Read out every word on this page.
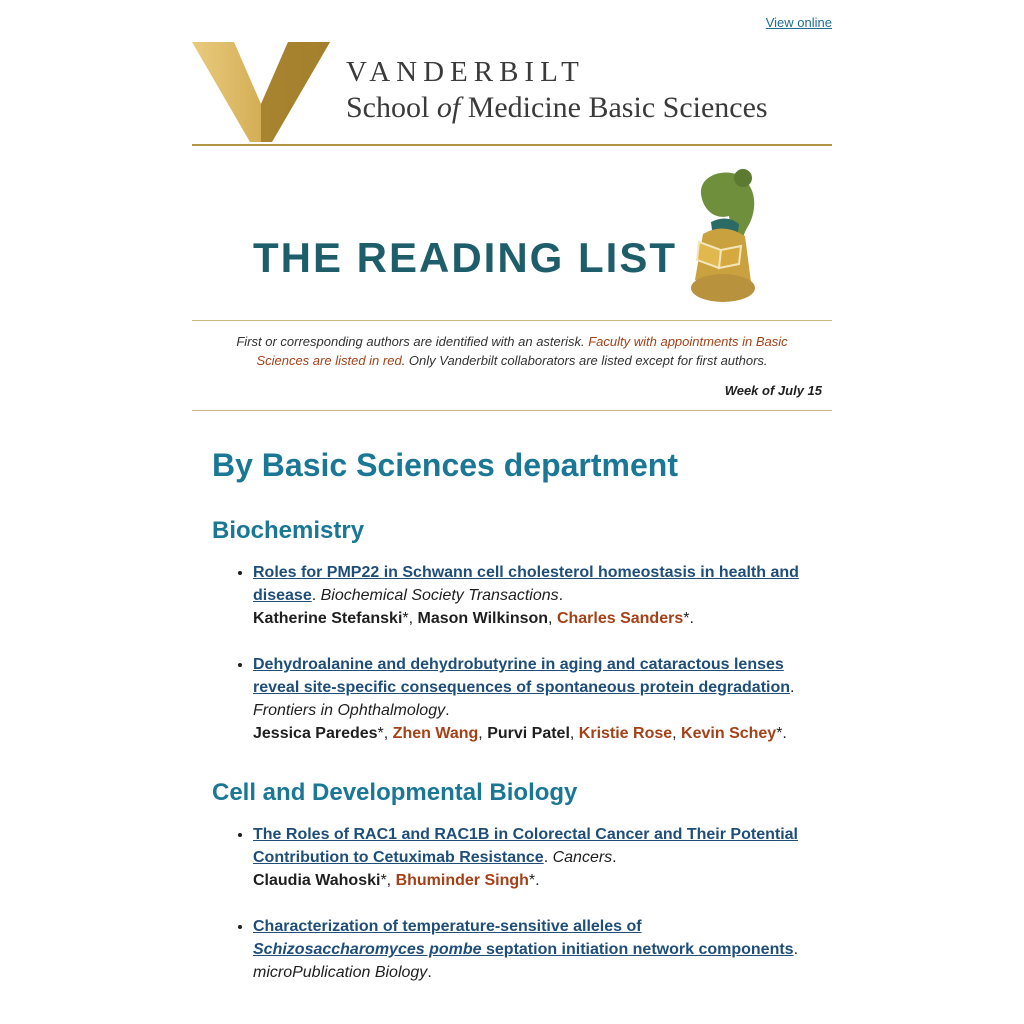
View online
VANDERBILT
School of Medicine Basic Sciences
THE READING LIST
First or corresponding authors are identified with an asterisk. Faculty with appointments in Basic Sciences are listed in red. Only Vanderbilt collaborators are listed except for first authors.
Week of July 15
By Basic Sciences department
Biochemistry
• Roles for PMP22 in Schwann cell cholesterol homeostasis in health and disease. Biochemical Society Transactions.
Katherine Stefanski*, Mason Wilkinson, Charles Sanders*.
• Dehydroalanine and dehydrobutyrine in aging and cataractous lenses reveal site-specific consequences of spontaneous protein degradation. Frontiers in Ophthalmology.
Jessica Paredes*, Zhen Wang, Purvi Patel, Kristie Rose, Kevin Schey*.
Cell and Developmental Biology
• The Roles of RAC1 and RAC1B in Colorectal Cancer and Their Potential Contribution to Cetuximab Resistance. Cancers.
Claudia Wahoski*, Bhuminder Singh*.
• Characterization of temperature-sensitive alleles of Schizosaccharomyces pombe septation initiation network components. microPublication Biology.
